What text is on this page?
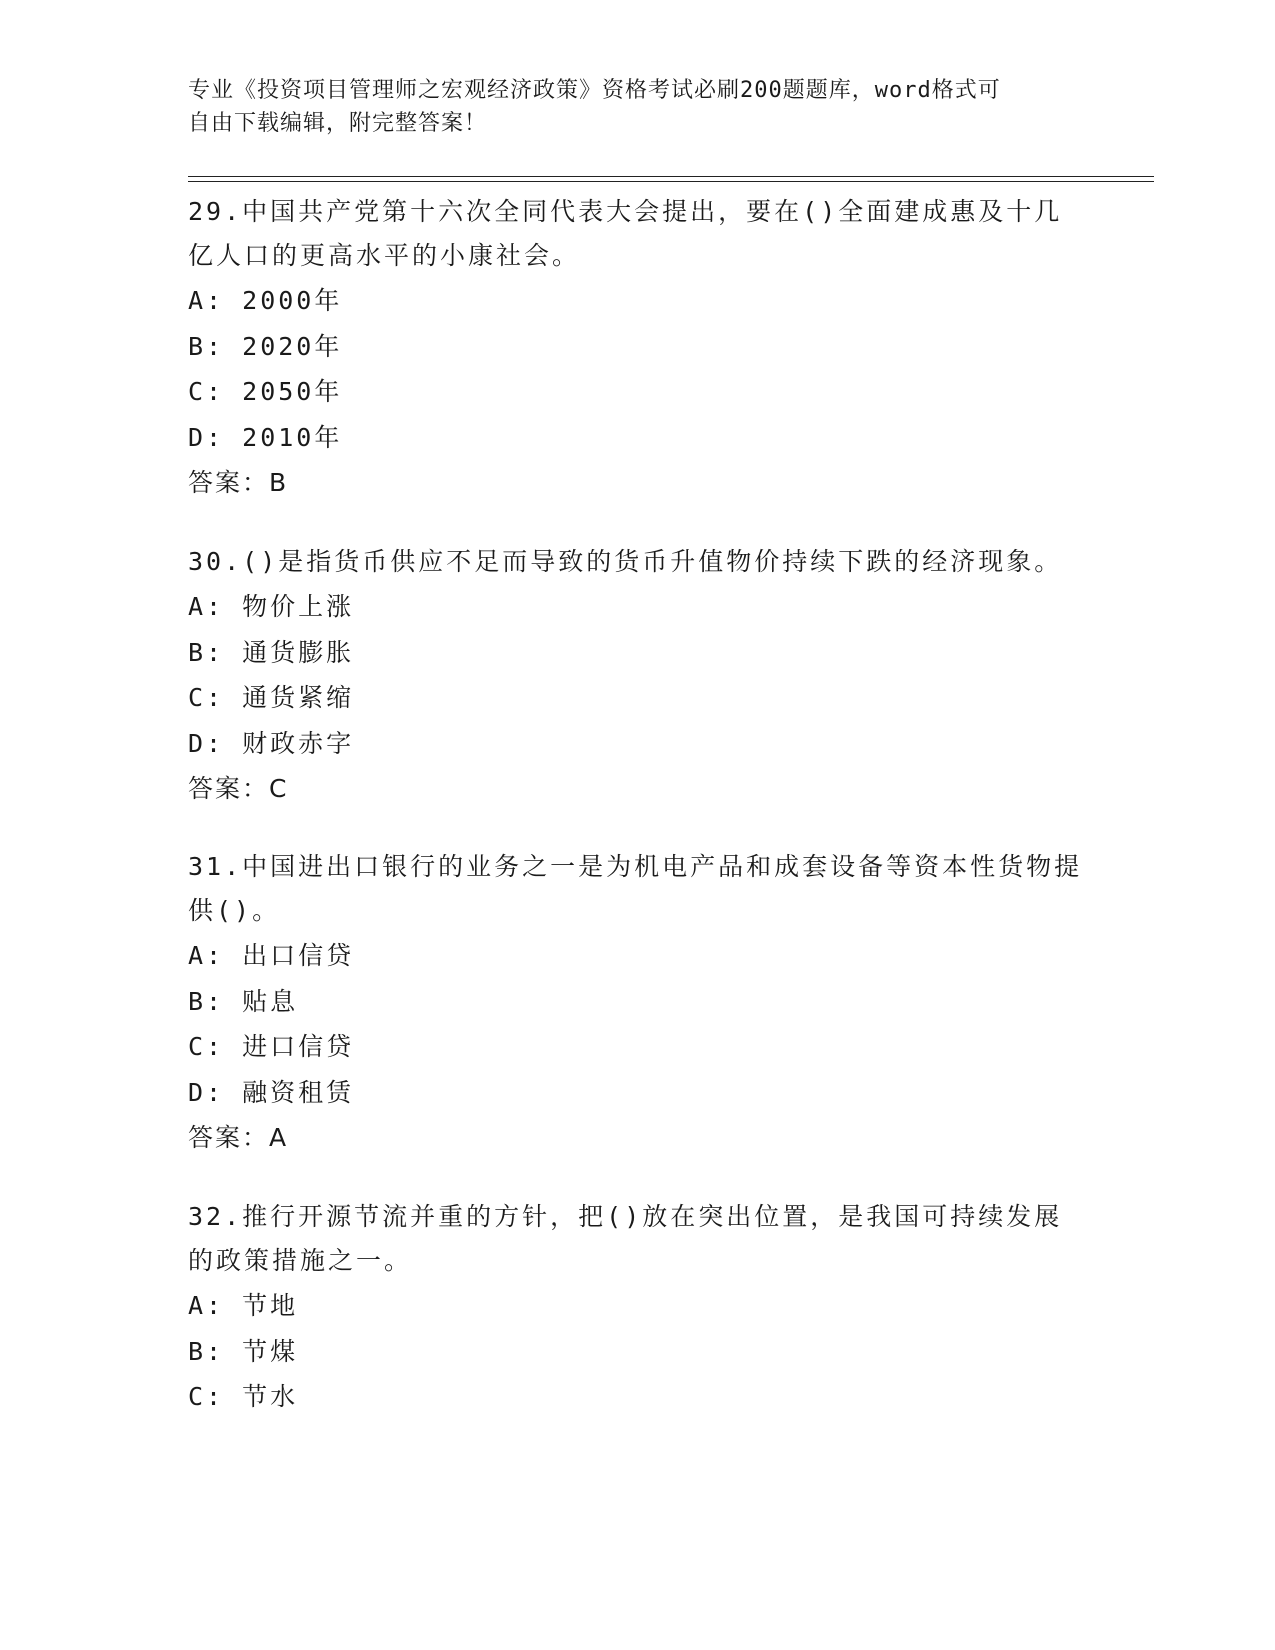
专业《投资项目管理师之宏观经济政策》资格考试必刷200题题库，word格式可
自由下载编辑，附完整答案！

29.中国共产党第十六次全同代表大会提出，要在()全面建成惠及十几亿人口的更高水平的小康社会。

A: 2000年

B: 2020年

C: 2050年

D: 2010年

答案：B

30.()是指货币供应不足而导致的货币升值物价持续下跌的经济现象。

A: 物价上涨

B: 通货膨胀

C: 通货紧缩

D: 财政赤字

答案：C

31.中国进出口银行的业务之一是为机电产品和成套设备等资本性货物提供()。

A: 出口信贷

B: 贴息

C: 进口信贷

D: 融资租赁

答案：A

32.推行开源节流并重的方针，把()放在突出位置，是我国可持续发展的政策措施之一。

A: 节地

B: 节煤

C: 节水
